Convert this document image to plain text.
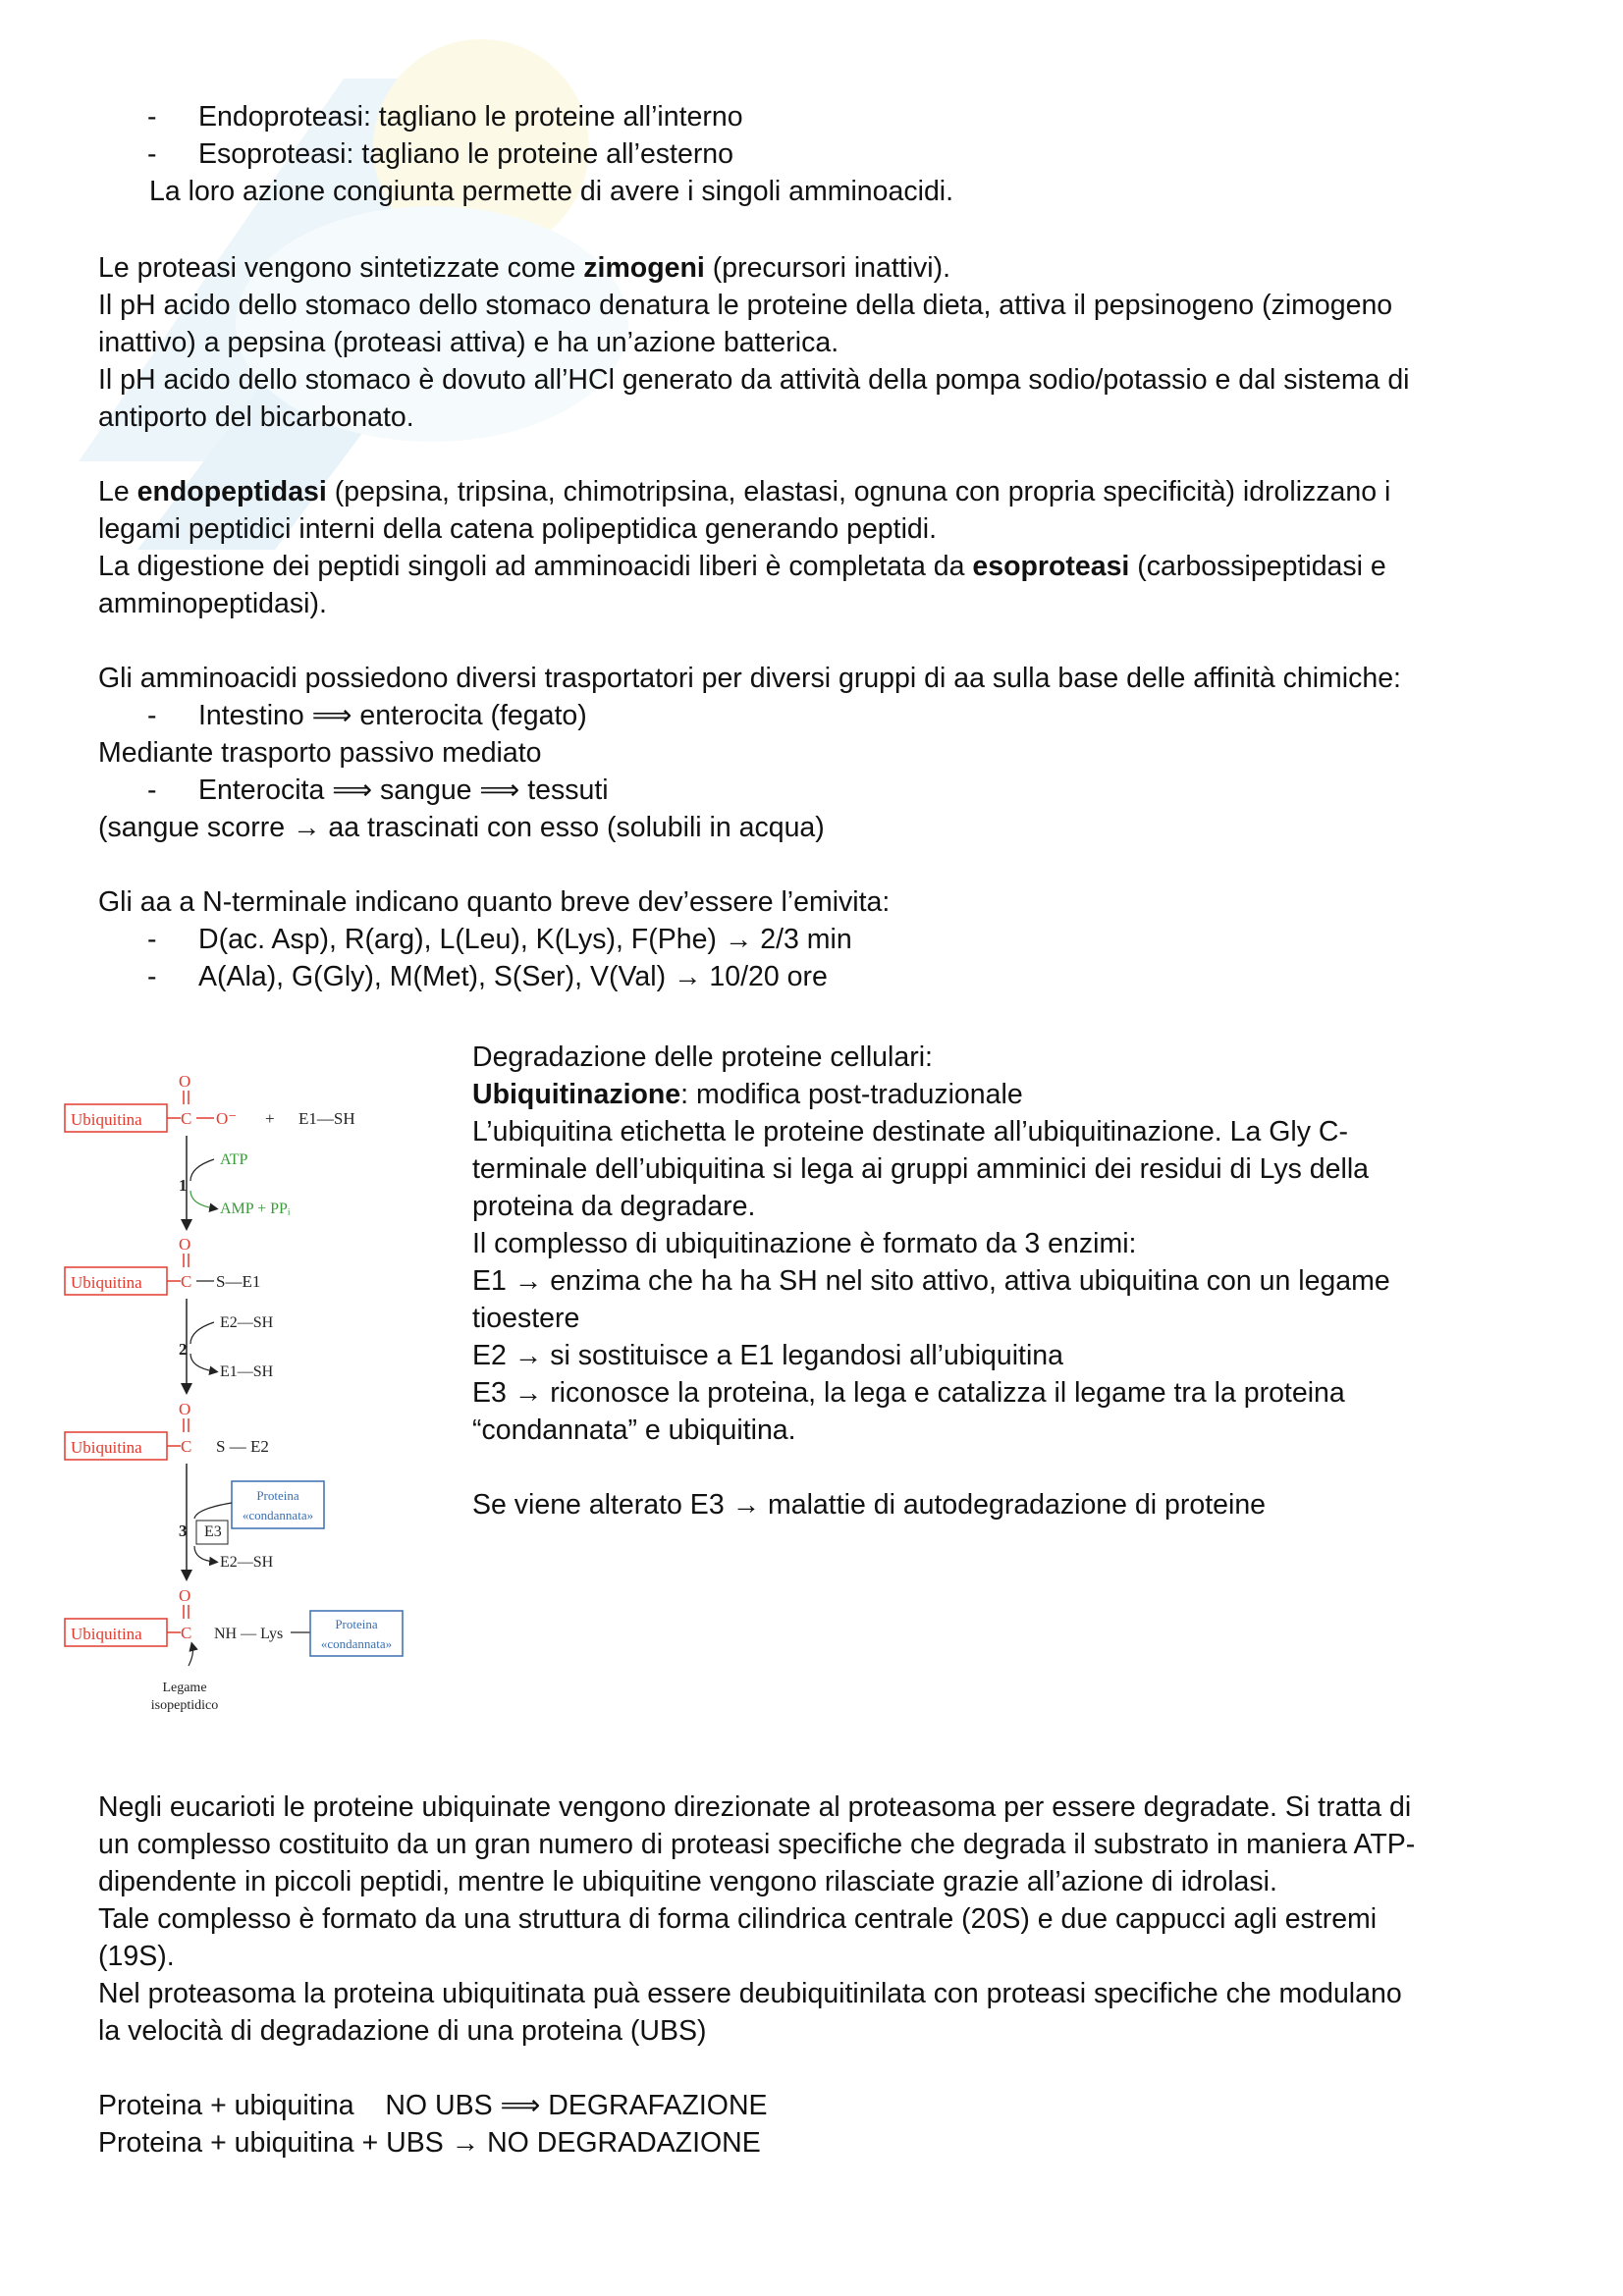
- Endoproteasi: tagliano le proteine all’interno
- Esoproteasi: tagliano le proteine all’esterno
La loro azione congiunta permette di avere i singoli amminoacidi.
Le proteasi vengono sintetizzate come zimogeni (precursori inattivi).
Il pH acido dello stomaco dello stomaco denatura le proteine della dieta, attiva il pepsinogeno (zimogeno
inattivo) a pepsina (proteasi attiva) e ha un’azione batterica.
Il pH acido dello stomaco è dovuto all’HCl generato da attività della pompa sodio/potassio e dal sistema di
antiporto del bicarbonato.
Le endopeptidasi (pepsina, tripsina, chimotripsina, elastasi, ognuna con propria specificità) idrolizzano i
legami peptidici interni della catena polipeptidica generando peptidi.
La digestione dei peptidi singoli ad amminoacidi liberi è completata da esoproteasi (carbossipeptidasi e
amminopeptidasi).
Gli amminoacidi possiedono diversi trasportatori per diversi gruppi di aa sulla base delle affinità chimiche:
- Intestino ⟹ enterocita (fegato)
Mediante trasporto passivo mediato
- Enterocita ⟹ sangue ⟹ tessuti
(sangue scorre → aa trascinati con esso (solubili in acqua)
Gli aa a N-terminale indicano quanto breve dev’essere l’emivita:
- D(ac. Asp), R(arg), L(Leu), K(Lys), F(Phe) → 2/3 min
- A(Ala), G(Gly), M(Met), S(Ser), V(Val) → 10/20 ore
Ubiquitina C
O
O⁻ + E1—SH
1
ATP
AMP + PPᵢ
Ubiquitina C
O
S—E1
2
E2—SH
E1—SH
Ubiquitina C
O
S — E2
3 E3
Proteina
«condannata»
E2—SH
Ubiquitina C
O
NH — Lys
Proteina
«condannata»
Legame
isopeptidico
Degradazione delle proteine cellulari:
Ubiquitinazione: modifica post-traduzionale
L’ubiquitina etichetta le proteine destinate all’ubiquitinazione. La Gly C-
terminale dell’ubiquitina si lega ai gruppi amminici dei residui di Lys della
proteina da degradare.
Il complesso di ubiquitinazione è formato da 3 enzimi:
E1 → enzima che ha ha SH nel sito attivo, attiva ubiquitina con un legame
tioestere
E2 → si sostituisce a E1 legandosi all’ubiquitina
E3 → riconosce la proteina, la lega e catalizza il legame tra la proteina
“condannata” e ubiquitina.
Se viene alterato E3 → malattie di autodegradazione di proteine
Negli eucarioti le proteine ubiquinate vengono direzionate al proteasoma per essere degradate. Si tratta di
un complesso costituito da un gran numero di proteasi specifiche che degrada il substrato in maniera ATP-
dipendente in piccoli peptidi, mentre le ubiquitine vengono rilasciate grazie all’azione di idrolasi.
Tale complesso è formato da una struttura di forma cilindrica centrale (20S) e due cappucci agli estremi
(19S).
Nel proteasoma la proteina ubiquitinata puà essere deubiquitinilata con proteasi specifiche che modulano
la velocità di degradazione di una proteina (UBS)
Proteina + ubiquitina    NO UBS ⟹ DEGRAFAZIONE
Proteina + ubiquitina + UBS → NO DEGRADAZIONE
